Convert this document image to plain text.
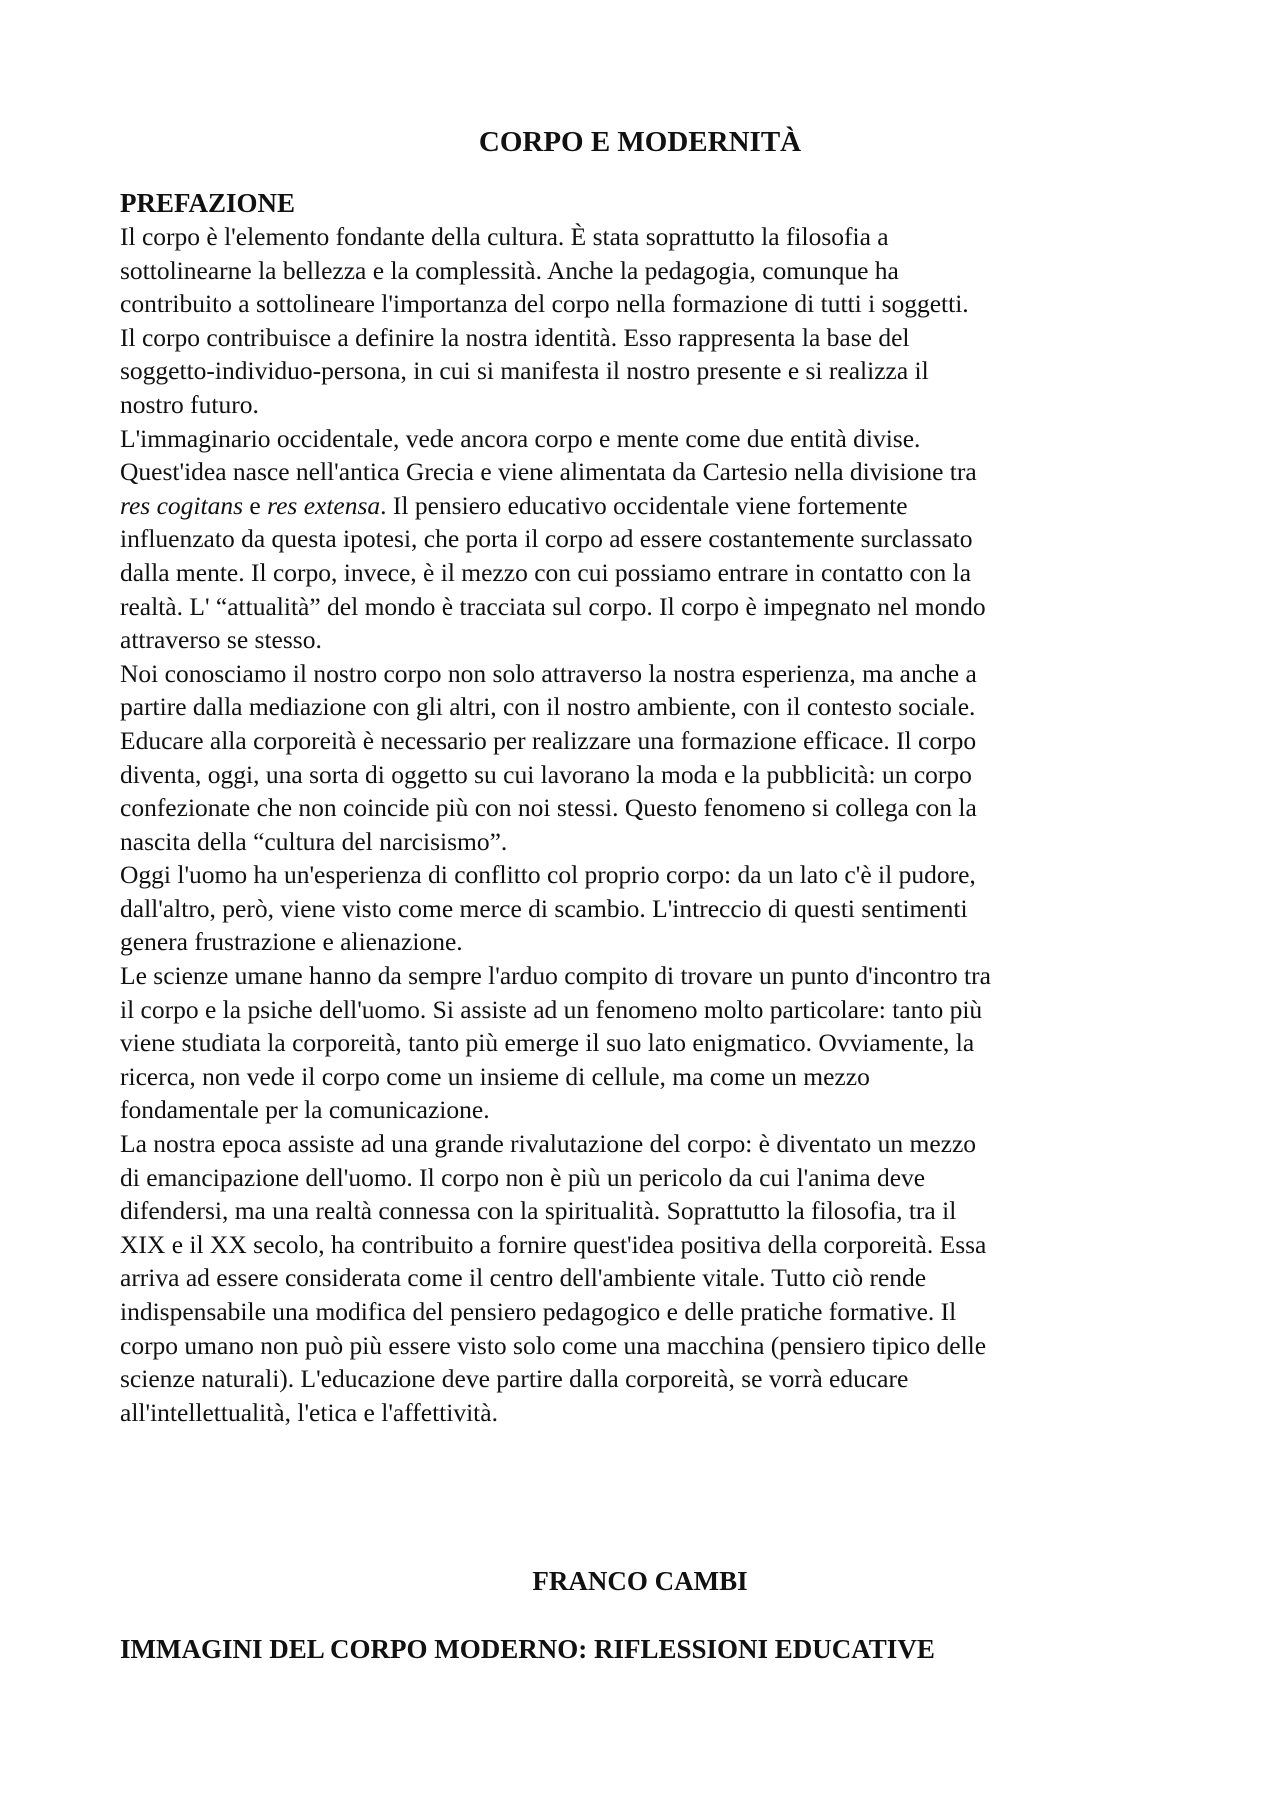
CORPO E MODERNITÀ
PREFAZIONE
Il corpo è l'elemento fondante della cultura. È stata soprattutto la filosofia a
sottolinearne la bellezza e la complessità. Anche la pedagogia, comunque ha
contribuito a sottolineare l'importanza del corpo nella formazione di tutti i soggetti.
Il corpo contribuisce a definire la nostra identità. Esso rappresenta la base del
soggetto-individuo-persona, in cui si manifesta il nostro presente e si realizza il
nostro futuro.
L'immaginario occidentale, vede ancora corpo e mente come due entità divise.
Quest'idea nasce nell'antica Grecia e viene alimentata da Cartesio nella divisione tra
res cogitans e res extensa. Il pensiero educativo occidentale viene fortemente
influenzato da questa ipotesi, che porta il corpo ad essere costantemente surclassato
dalla mente. Il corpo, invece, è il mezzo con cui possiamo entrare in contatto con la
realtà. L' “attualità” del mondo è tracciata sul corpo. Il corpo è impegnato nel mondo
attraverso se stesso.
Noi conosciamo il nostro corpo non solo attraverso la nostra esperienza, ma anche a
partire dalla mediazione con gli altri, con il nostro ambiente, con il contesto sociale.
Educare alla corporeità è necessario per realizzare una formazione efficace. Il corpo
diventa, oggi, una sorta di oggetto su cui lavorano la moda e la pubblicità: un corpo
confezionate che non coincide più con noi stessi. Questo fenomeno si collega con la
nascita della “cultura del narcisismo”.
Oggi l'uomo ha un'esperienza di conflitto col proprio corpo: da un lato c'è il pudore,
dall'altro, però, viene visto come merce di scambio. L'intreccio di questi sentimenti
genera frustrazione e alienazione.
Le scienze umane hanno da sempre l'arduo compito di trovare un punto d'incontro tra
il corpo e la psiche dell'uomo. Si assiste ad un fenomeno molto particolare: tanto più
viene studiata la corporeità, tanto più emerge il suo lato enigmatico. Ovviamente, la
ricerca, non vede il corpo come un insieme di cellule, ma come un mezzo
fondamentale per la comunicazione.
La nostra epoca assiste ad una grande rivalutazione del corpo: è diventato un mezzo
di emancipazione dell'uomo. Il corpo non è più un pericolo da cui l'anima deve
difendersi, ma una realtà connessa con la spiritualità. Soprattutto la filosofia, tra il
XIX e il XX secolo, ha contribuito a fornire quest'idea positiva della corporeità. Essa
arriva ad essere considerata come il centro dell'ambiente vitale. Tutto ciò rende
indispensabile una modifica del pensiero pedagogico e delle pratiche formative. Il
corpo umano non può più essere visto solo come una macchina (pensiero tipico delle
scienze naturali). L'educazione deve partire dalla corporeità, se vorrà educare
all'intellettualità, l'etica e l'affettività.
FRANCO CAMBI
IMMAGINI DEL CORPO MODERNO: RIFLESSIONI EDUCATIVE
